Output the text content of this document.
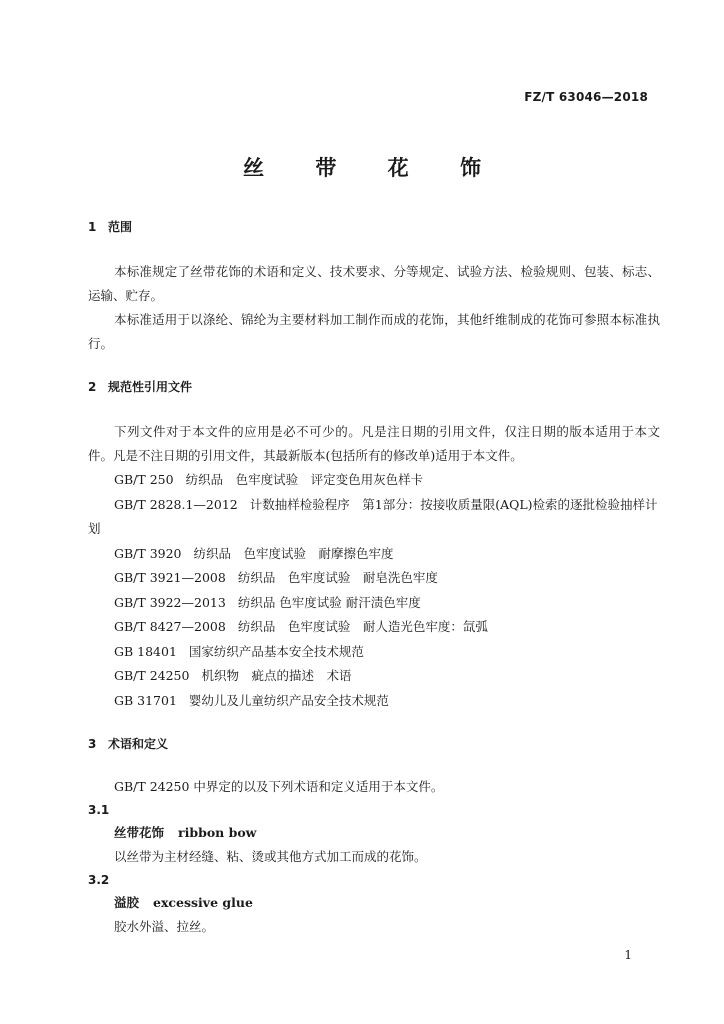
FZ/T 63046—2018
丝 带 花 饰
1 范围
本标准规定了丝带花饰的术语和定义、技术要求、分等规定、试验方法、检验规则、包装、标志、运输、贮存。
本标准适用于以涤纶、锦纶为主要材料加工制作而成的花饰，其他纤维制成的花饰可参照本标准执行。
2 规范性引用文件
下列文件对于本文件的应用是必不可少的。凡是注日期的引用文件，仅注日期的版本适用于本文件。凡是不注日期的引用文件，其最新版本(包括所有的修改单)适用于本文件。
GB/T 250 纺织品　色牢度试验　评定变色用灰色样卡
GB/T 2828.1—2012 计数抽样检验程序　第1部分：按接收质量限(AQL)检索的逐批检验抽样计划
GB/T 3920 纺织品　色牢度试验　耐摩擦色牢度
GB/T 3921—2008 纺织品　色牢度试验　耐皂洗色牢度
GB/T 3922—2013 纺织品 色牢度试验 耐汗渍色牢度
GB/T 8427—2008 纺织品　色牢度试验　耐人造光色牢度：氙弧
GB 18401 国家纺织产品基本安全技术规范
GB/T 24250 机织物　疵点的描述　术语
GB 31701 婴幼儿及儿童纺织产品安全技术规范
3 术语和定义
GB/T 24250 中界定的以及下列术语和定义适用于本文件。
3.1
丝带花饰 ribbon bow
以丝带为主材经缝、粘、烫或其他方式加工而成的花饰。
3.2
溢胶 excessive glue
胶水外溢、拉丝。
1
